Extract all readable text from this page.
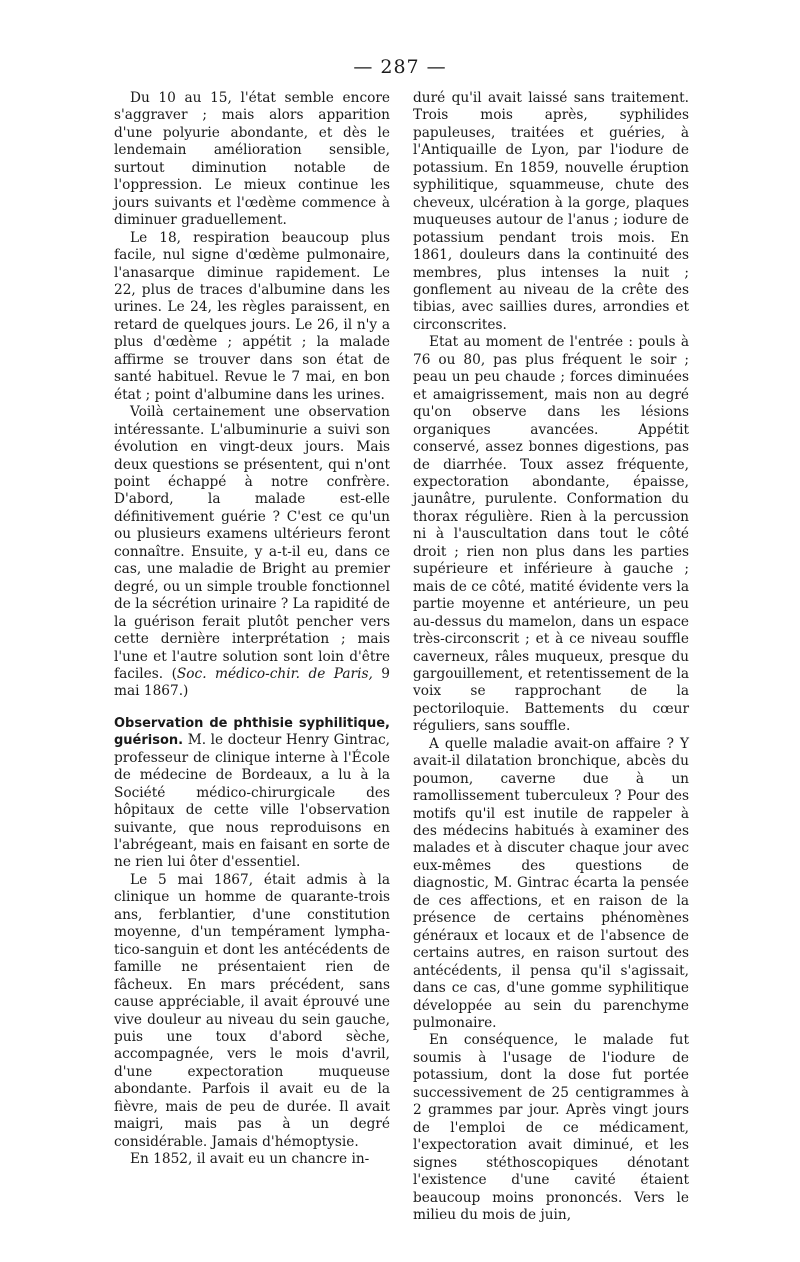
— 287 —

Du 10 au 15, l'état semble encore s'aggraver ; mais alors apparition d'une polyurie abondante, et dès le lendemain amélioration sensible, surtout diminution notable de l'oppression. Le mieux continue les jours suivants et l'œdème commence à diminuer graduellement.

Le 18, respiration beaucoup plus facile, nul signe d'œdème pulmonaire, l'anasarque diminue rapidement. Le 22, plus de traces d'albumine dans les urines. Le 24, les règles paraissent, en retard de quelques jours. Le 26, il n'y a plus d'œdème ; appétit ; la malade affirme se trouver dans son état de santé habituel. Revue le 7 mai, en bon état ; point d'albumine dans les urines.

Voilà certainement une observation intéressante. L'albuminurie a suivi son évolution en vingt-deux jours. Mais deux questions se présentent, qui n'ont point échappé à notre confrère. D'abord, la malade est-elle définitivement guérie ? C'est ce qu'un ou plusieurs examens ultérieurs feront connaître. Ensuite, y a-t-il eu, dans ce cas, une maladie de Bright au premier degré, ou un simple trouble fonctionnel de la sécrétion urinaire ? La rapidité de la guérison ferait plutôt pencher vers cette dernière interprétation ; mais l'une et l'autre solution sont loin d'être faciles. (Soc. médico-chir. de Paris, 9 mai 1867.)

Observation de phthisie syphilitique, guérison. M. le docteur Henry Gintrac, professeur de clinique interne à l'École de médecine de Bordeaux, a lu à la Société médico-chirurgicale des hôpitaux de cette ville l'observation suivante, que nous reproduisons en l'abrégeant, mais en faisant en sorte de ne rien lui ôter d'essentiel.

Le 5 mai 1867, était admis à la clinique un homme de quarante-trois ans, ferblantier, d'une constitution moyenne, d'un tempérament lympha-tico-sanguin et dont les antécédents de famille ne présentaient rien de fâcheux. En mars précédent, sans cause appréciable, il avait éprouvé une vive douleur au niveau du sein gauche, puis une toux d'abord sèche, accompagnée, vers le mois d'avril, d'une expectoration muqueuse abondante. Parfois il avait eu de la fièvre, mais de peu de durée. Il avait maigri, mais pas à un degré considérable. Jamais d'hémoptysie.

En 1852, il avait eu un chancre in-

duré qu'il avait laissé sans traitement. Trois mois après, syphilides papuleuses, traitées et guéries, à l'Antiquaille de Lyon, par l'iodure de potassium. En 1859, nouvelle éruption syphilitique, squammeuse, chute des cheveux, ulcération à la gorge, plaques muqueuses autour de l'anus ; iodure de potassium pendant trois mois. En 1861, douleurs dans la continuité des membres, plus intenses la nuit ; gonflement au niveau de la crête des tibias, avec saillies dures, arrondies et circonscrites.

Etat au moment de l'entrée : pouls à 76 ou 80, pas plus fréquent le soir ; peau un peu chaude ; forces diminuées et amaigrissement, mais non au degré qu'on observe dans les lésions organiques avancées. Appétit conservé, assez bonnes digestions, pas de diarrhée. Toux assez fréquente, expectoration abondante, épaisse, jaunâtre, purulente. Conformation du thorax régulière. Rien à la percussion ni à l'auscultation dans tout le côté droit ; rien non plus dans les parties supérieure et inférieure à gauche ; mais de ce côté, matité évidente vers la partie moyenne et antérieure, un peu au-dessus du mamelon, dans un espace très-circonscrit ; et à ce niveau souffle caverneux, râles muqueux, presque du gargouillement, et retentissement de la voix se rapprochant de la pectoriloquie. Battements du cœur réguliers, sans souffle.

A quelle maladie avait-on affaire ? Y avait-il dilatation bronchique, abcès du poumon, caverne due à un ramollissement tuberculeux ? Pour des motifs qu'il est inutile de rappeler à des médecins habitués à examiner des malades et à discuter chaque jour avec eux-mêmes des questions de diagnostic, M. Gintrac écarta la pensée de ces affections, et en raison de la présence de certains phénomènes généraux et locaux et de l'absence de certains autres, en raison surtout des antécédents, il pensa qu'il s'agissait, dans ce cas, d'une gomme syphilitique développée au sein du parenchyme pulmonaire.

En conséquence, le malade fut soumis à l'usage de l'iodure de potassium, dont la dose fut portée successivement de 25 centigrammes à 2 grammes par jour. Après vingt jours de l'emploi de ce médicament, l'expectoration avait diminué, et les signes stéthoscopiques dénotant l'existence d'une cavité étaient beaucoup moins prononcés. Vers le milieu du mois de juin,
